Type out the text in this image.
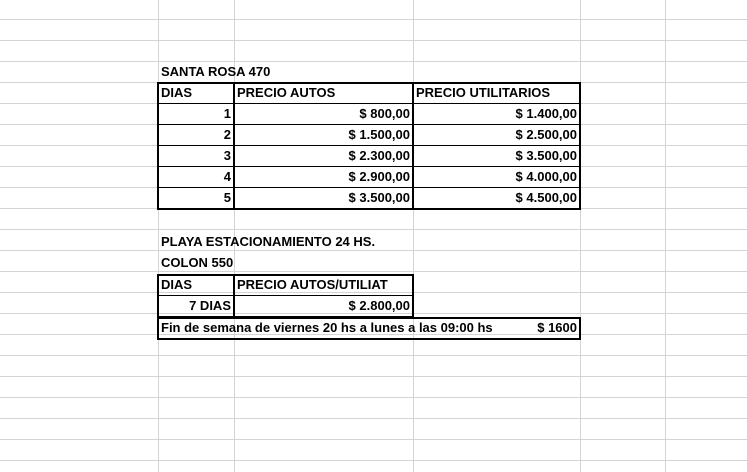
SANTA ROSA 470
DIAS	PRECIO AUTOS	PRECIO UTILITARIOS
1	$ 800,00	$ 1.400,00
2	$ 1.500,00	$ 2.500,00
3	$ 2.300,00	$ 3.500,00
4	$ 2.900,00	$ 4.000,00
5	$ 3.500,00	$ 4.500,00
PLAYA ESTACIONAMIENTO 24 HS.
COLON 550
DIAS	PRECIO AUTOS/UTILIAT
7 DIAS	$ 2.800,00
Fin de semana de viernes 20 hs a lunes a las 09:00 hs	$ 1600
